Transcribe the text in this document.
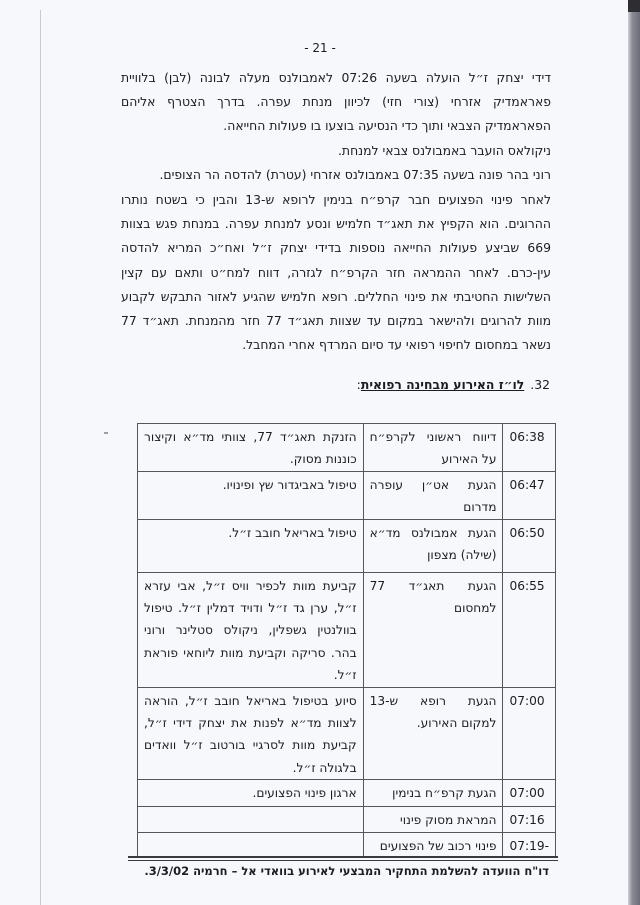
- 21 -

דידי יצחק ז״ל הועלה בשעה 07:26 לאמבולנס מעלה לבונה (לבן) בלוויית פאראמדיק אזרחי (צורי חזי) לכיוון מנחת עפרה. בדרך הצטרף אליהם הפאראמדיק הצבאי ותוך כדי הנסיעה בוצעו בו פעולות החייאה.

ניקולאס הועבר באמבולנס צבאי למנחת.

רוני בהר פונה בשעה 07:35 באמבולנס אזרחי (עטרת) להדסה הר הצופים.

לאחר פינוי הפצועים חבר קרפ״ח בנימין לרופא ש-13 והבין כי בשטח נותרו ההרוגים. הוא הקפיץ את תאג״ד חלמיש ונסע למנחת עפרה. במנחת פגש בצוות 669 שביצע פעולות החייאה נוספות בדידי יצחק ז״ל ואח״כ המריא להדסה עין-כרם. לאחר ההמראה חזר הקרפ״ח לגזרה, דווח למח״ט ותאם עם קצין השלישות החטיבתי את פינוי החללים. רופא חלמיש שהגיע לאזור התבקש לקבוע מוות להרוגים ולהישאר במקום עד שצוות תאג״ד 77 חזר מהמנחת. תאג״ד 77 נשאר במחסום לחיפוי רפואי עד סיום המרדף אחרי המחבל.

32.
לו״ז האירוע מבחינה רפואית:
06:38	דיווח ראשוני לקרפ״ח על האירוע	הזנקת תאג״ד 77, צוותי מד״א וקיצור כוננות מסוק.
06:47	הגעת אט״ן עופרה מדרום	טיפול באביגדור שץ ופינויו.
06:50	הגעת אמבולנס מד״א (שילה) מצפון	טיפול באריאל חובב ז״ל.
06:55	הגעת תאג״ד 77 למחסום	קביעת מוות לכפיר וויס ז״ל, אבי עזרא ז״ל, ערן גד ז״ל ודויד דמלין ז״ל. טיפול בוולנטין גשפלין, ניקולס סטלינר ורוני בהר. סריקה וקביעת מוות ליוחאי פוראת ז״ל.
07:00	הגעת רופא ש-13 למקום האירוע.	סיוע בטיפול באריאל חובב ז״ל, הוראה לצוות מד״א לפנות את יצחק דידי ז״ל, קביעת מוות לסרגיי בורטוב ז״ל וואדים בלגולה ז״ל.
07:00	הגעת קרפ״ח בנימין	ארגון פינוי הפצועים.
07:16	המראת מסוק פינוי	
07:19-	פינוי רכוב של הפצועים	
דו"ח הוועדה להשלמת התחקיר המבצעי לאירוע בוואדי אל – חרמיה 3/3/02.
